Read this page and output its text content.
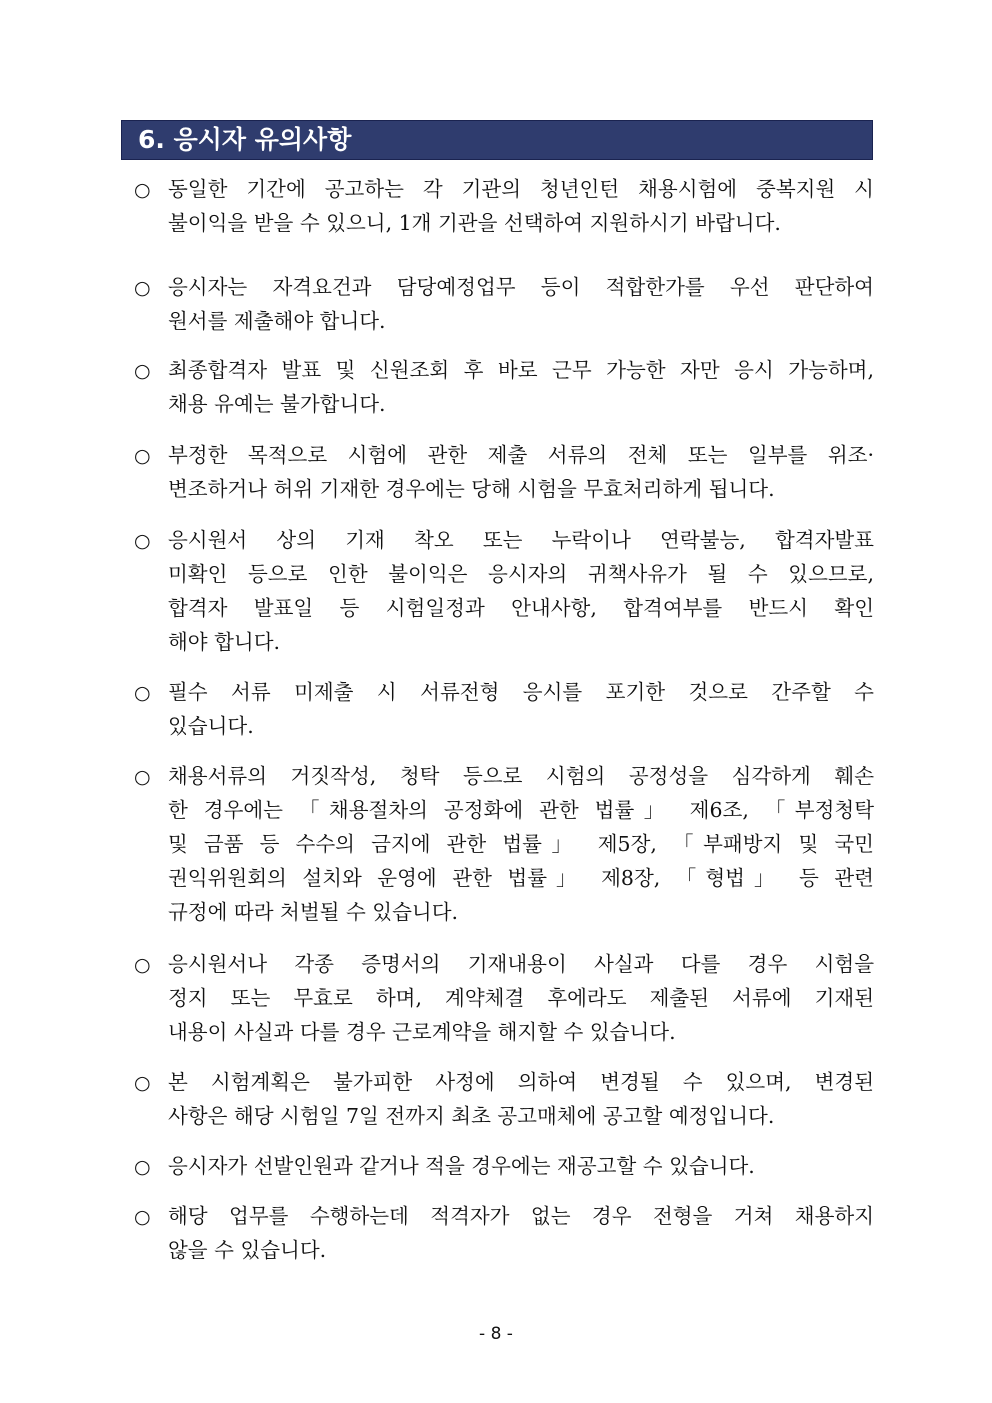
6. 응시자 유의사항
○ 동일한 기간에 공고하는 각 기관의 청년인턴 채용시험에 중복지원 시
불이익을 받을 수 있으니, 1개 기관을 선택하여 지원하시기 바랍니다.
○ 응시자는 자격요건과 담당예정업무 등이 적합한가를 우선 판단하여
원서를 제출해야 합니다.
○ 최종합격자 발표 및 신원조회 후 바로 근무 가능한 자만 응시 가능하며,
채용 유예는 불가합니다.
○ 부정한 목적으로 시험에 관한 제출 서류의 전체 또는 일부를 위조·
변조하거나 허위 기재한 경우에는 당해 시험을 무효처리하게 됩니다.
○ 응시원서 상의 기재 착오 또는 누락이나 연락불능, 합격자발표
미확인 등으로 인한 불이익은 응시자의 귀책사유가 될 수 있으므로,
합격자 발표일 등 시험일정과 안내사항, 합격여부를 반드시 확인
해야 합니다.
○ 필수 서류 미제출 시 서류전형 응시를 포기한 것으로 간주할 수
있습니다.
○ 채용서류의 거짓작성, 청탁 등으로 시험의 공정성을 심각하게 훼손
한 경우에는 「채용절차의 공정화에 관한 법률」 제6조, 「부정청탁
및 금품 등 수수의 금지에 관한 법률」 제5장, 「부패방지 및 국민
권익위원회의 설치와 운영에 관한 법률」 제8장, 「형법」 등 관련
규정에 따라 처벌될 수 있습니다.
○ 응시원서나 각종 증명서의 기재내용이 사실과 다를 경우 시험을
정지 또는 무효로 하며, 계약체결 후에라도 제출된 서류에 기재된
내용이 사실과 다를 경우 근로계약을 해지할 수 있습니다.
○ 본 시험계획은 불가피한 사정에 의하여 변경될 수 있으며, 변경된
사항은 해당 시험일 7일 전까지 최초 공고매체에 공고할 예정입니다.
○ 응시자가 선발인원과 같거나 적을 경우에는 재공고할 수 있습니다.
○ 해당 업무를 수행하는데 적격자가 없는 경우 전형을 거쳐 채용하지
않을 수 있습니다.
- 8 -
